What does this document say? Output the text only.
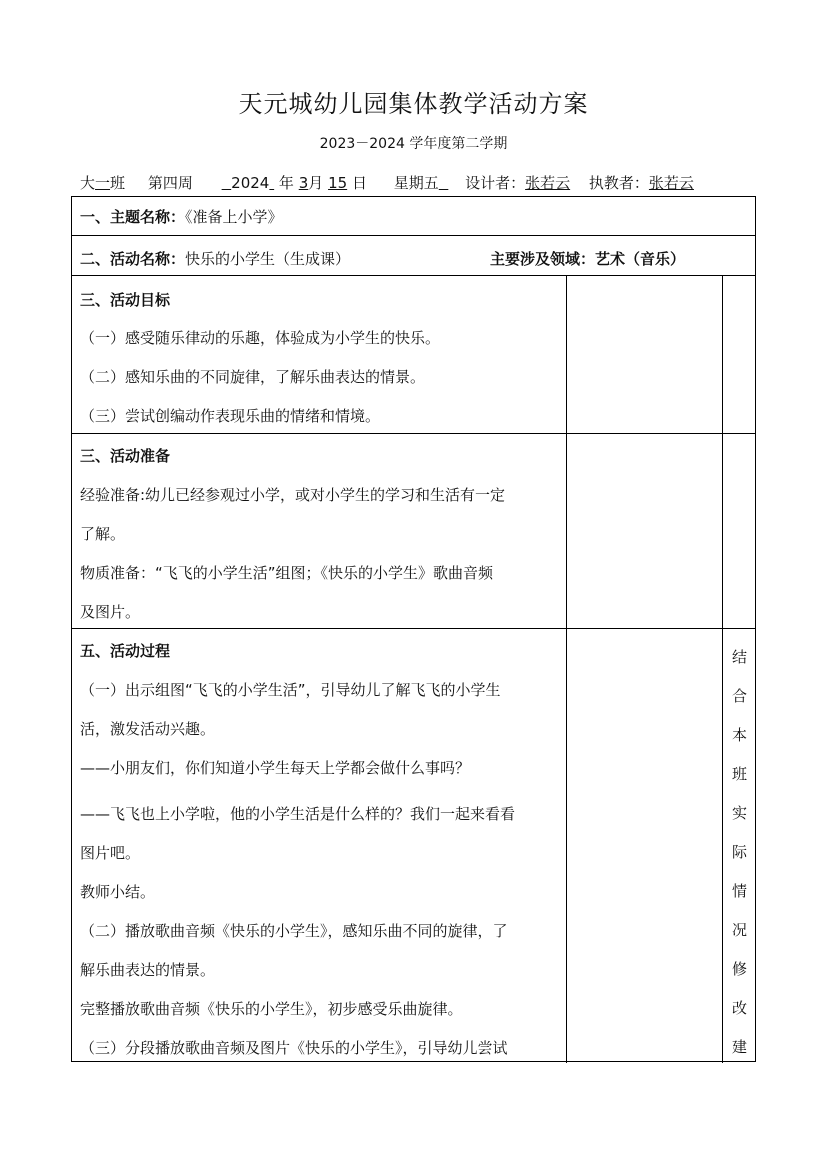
天元城幼儿园集体教学活动方案
2023－2024 学年度第二学期
大一班 第四周	2024 年 3月 15 日 星期五 设计者：张若云 执教者：张若云
一、主题名称：《准备上小学》
二、活动名称：快乐的小学生（生成课）	主要涉及领域：艺术（音乐）
三、活动目标
（一）感受随乐律动的乐趣，体验成为小学生的快乐。
（二）感知乐曲的不同旋律，了解乐曲表达的情景。
（三）尝试创编动作表现乐曲的情绪和情境。
三、活动准备
经验准备:幼儿已经参观过小学，或对小学生的学习和生活有一定
了解。
物质准备：“飞飞的小学生活”组图；《快乐的小学生》歌曲音频
及图片。
五、活动过程
（一）出示组图“飞飞的小学生活”，引导幼儿了解飞飞的小学生
活，激发活动兴趣。
——小朋友们，你们知道小学生每天上学都会做什么事吗？
——飞飞也上小学啦，他的小学生活是什么样的？我们一起来看看
图片吧。
教师小结。
（二）播放歌曲音频《快乐的小学生》，感知乐曲不同的旋律，了
解乐曲表达的情景。
完整播放歌曲音频《快乐的小学生》，初步感受乐曲旋律。
（三）分段播放歌曲音频及图片《快乐的小学生》，引导幼儿尝试
结
合
本
班
实
际
情
况
修
改
建
